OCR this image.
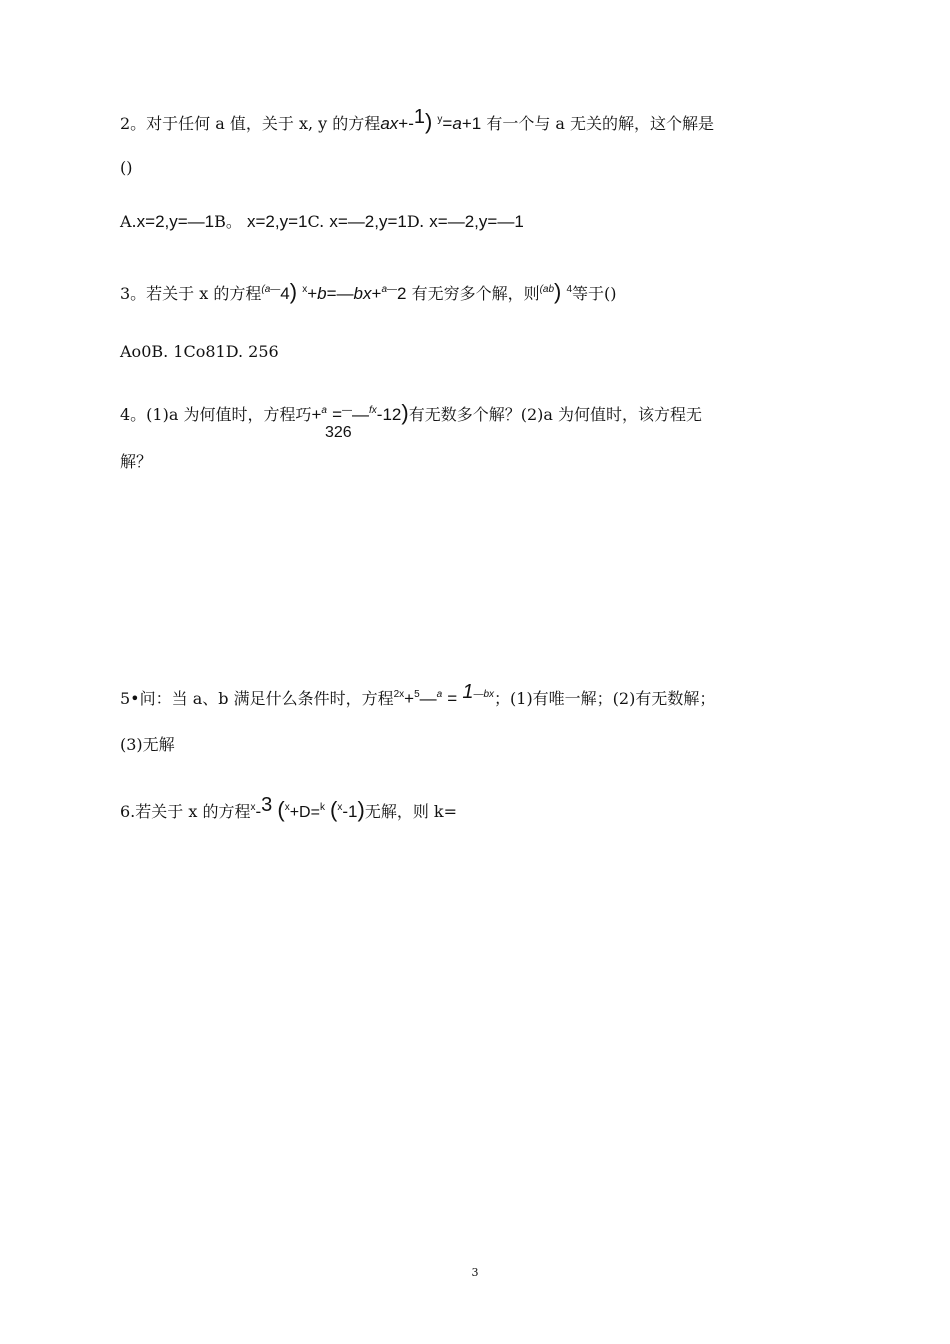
2。对于任何 a 值，关于 x, y 的方程ax+-1) $^y$=a+1 有一个与 a 无关的解，这个解是
()
A.x=2,y=—1B。 x=2,y=1C. x=—2,y=1D. x=—2,y=—1
3。若关于 x 的方程$^{(a—}$4) $^x$+b=—bx+$^{a—}$2 有无穷多个解，则$^{(ab}$) $^4$等于()
Ao0B. 1Co81D. 256
4。(1)a 为何值时，方程巧+$^a$ =——$^{fx}$-12)有无数多个解？(2)a 为何值时，该方程无
326
解？
5•问：当 a、b 满足什么条件时，方程$^{2x}$+$^5$—$^a$ = $1^{—bx}$；(1)有唯一解；(2)有无数解；
(3)无解
6.若关于 x 的方程$^x$-3 ($^x$+D=$^k$ ($^x$-1)无解，则 k=
3
